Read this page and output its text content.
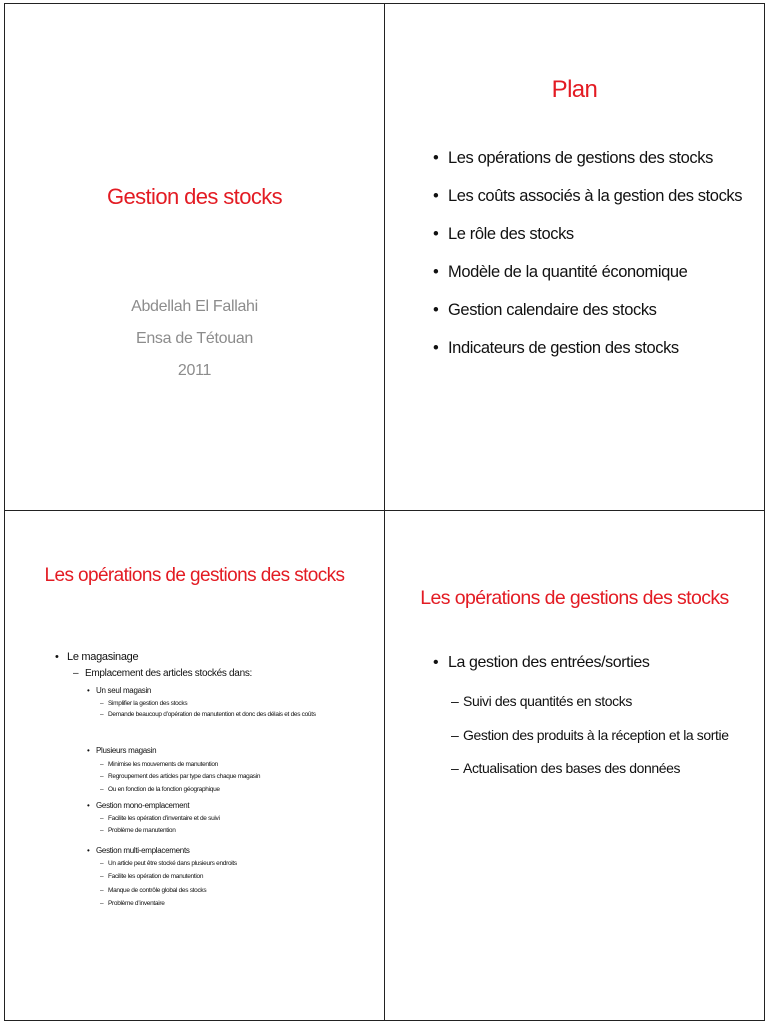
Gestion des stocks
Abdellah El Fallahi
Ensa de Tétouan
2011
Plan
• Les opérations de gestions des stocks
• Les coûts associés à la gestion des stocks
• Le rôle des stocks
• Modèle de la quantité économique
• Gestion calendaire des stocks
• Indicateurs de gestion des stocks
Les opérations de gestions des stocks
• Le magasinage
– Emplacement des articles stockés dans:
• Un seul magasin
– Simplifier la gestion des stocks
– Demande beaucoup d’opération de manutention et donc des délais et des coûts
• Plusieurs magasin
– Minimise les mouvements de manutention
– Regroupement des articles par type dans chaque magasin
– Ou en fonction de la fonction géographique
• Gestion mono-emplacement
– Facilite les opération d’inventaire et de suivi
– Problème de manutention
• Gestion multi-emplacements
– Un article peut être stocké dans plusieurs endroits
– Facilite les opération de manutention
– Manque de contrôle global des stocks
– Problème d’inventaire
Les opérations de gestions des stocks
• La gestion des entrées/sorties
– Suivi des quantités en stocks
– Gestion des produits à la réception et la sortie
– Actualisation des bases des données
